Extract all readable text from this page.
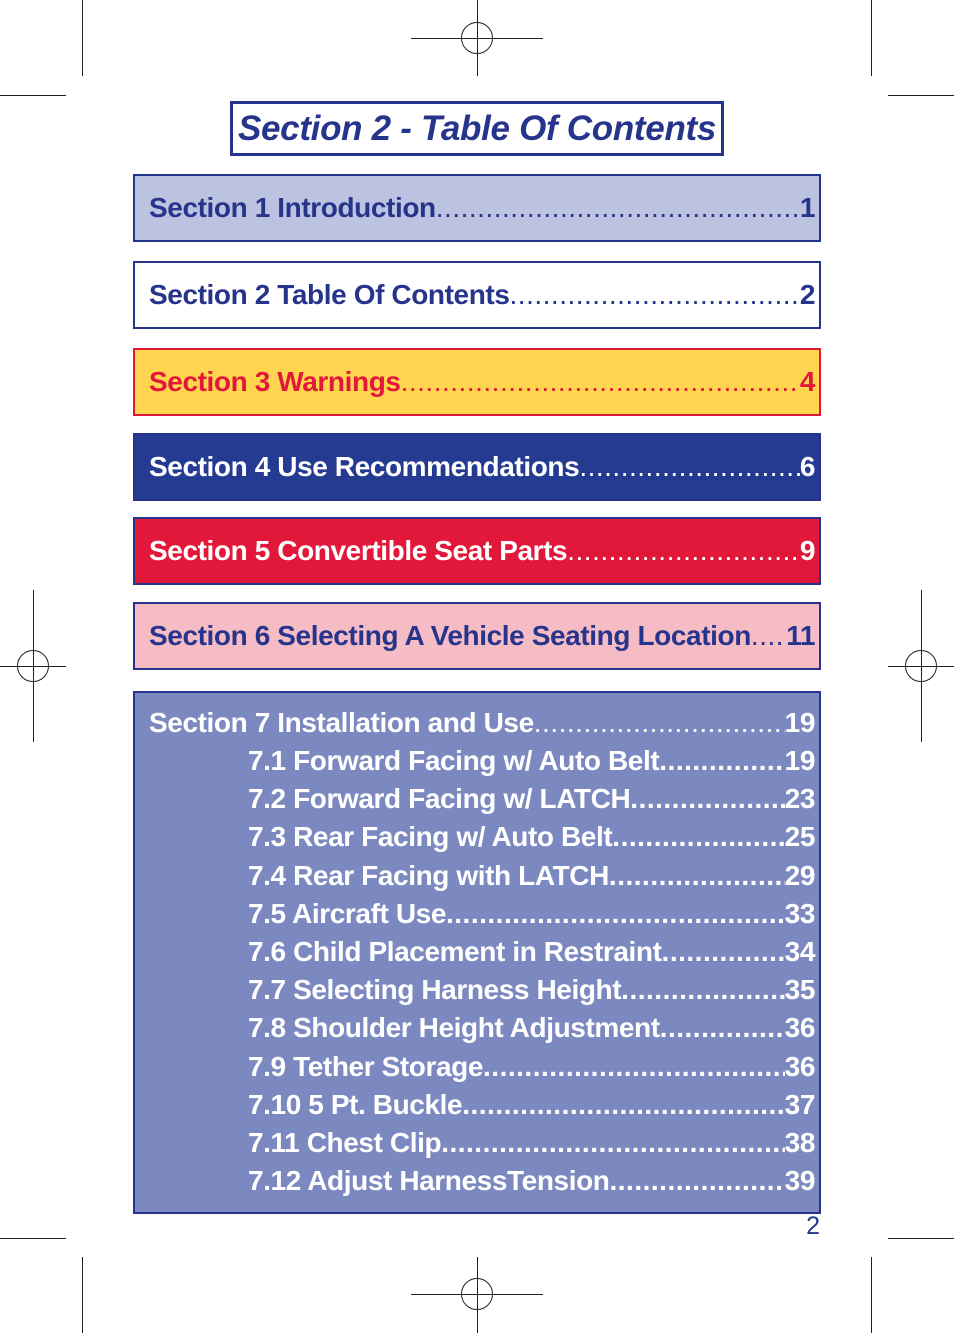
Section 2 - Table Of Contents
Section 1 Introduction .....	1
Section 2 Table Of Contents .....	2
Section 3 Warnings .....	4
Section 4 Use Recommendations .....	6
Section 5 Convertible Seat Parts .....	9
Section 6 Selecting A Vehicle Seating Location ..... 11
Section 7 Installation and Use .....	19
7.1 Forward Facing w/ Auto Belt .....	19
7.2 Forward Facing w/ LATCH .....	23
7.3 Rear Facing w/ Auto Belt .....	25
7.4 Rear Facing with LATCH .....	29
7.5 Aircraft Use .....	33
7.6 Child Placement in Restraint .....	34
7.7 Selecting Harness Height .....	35
7.8 Shoulder Height Adjustment .....	36
7.9 Tether Storage .....	36
7.10 5 Pt. Buckle .....	37
7.11 Chest Clip .....	38
7.12 Adjust HarnessTension .....	39
2
